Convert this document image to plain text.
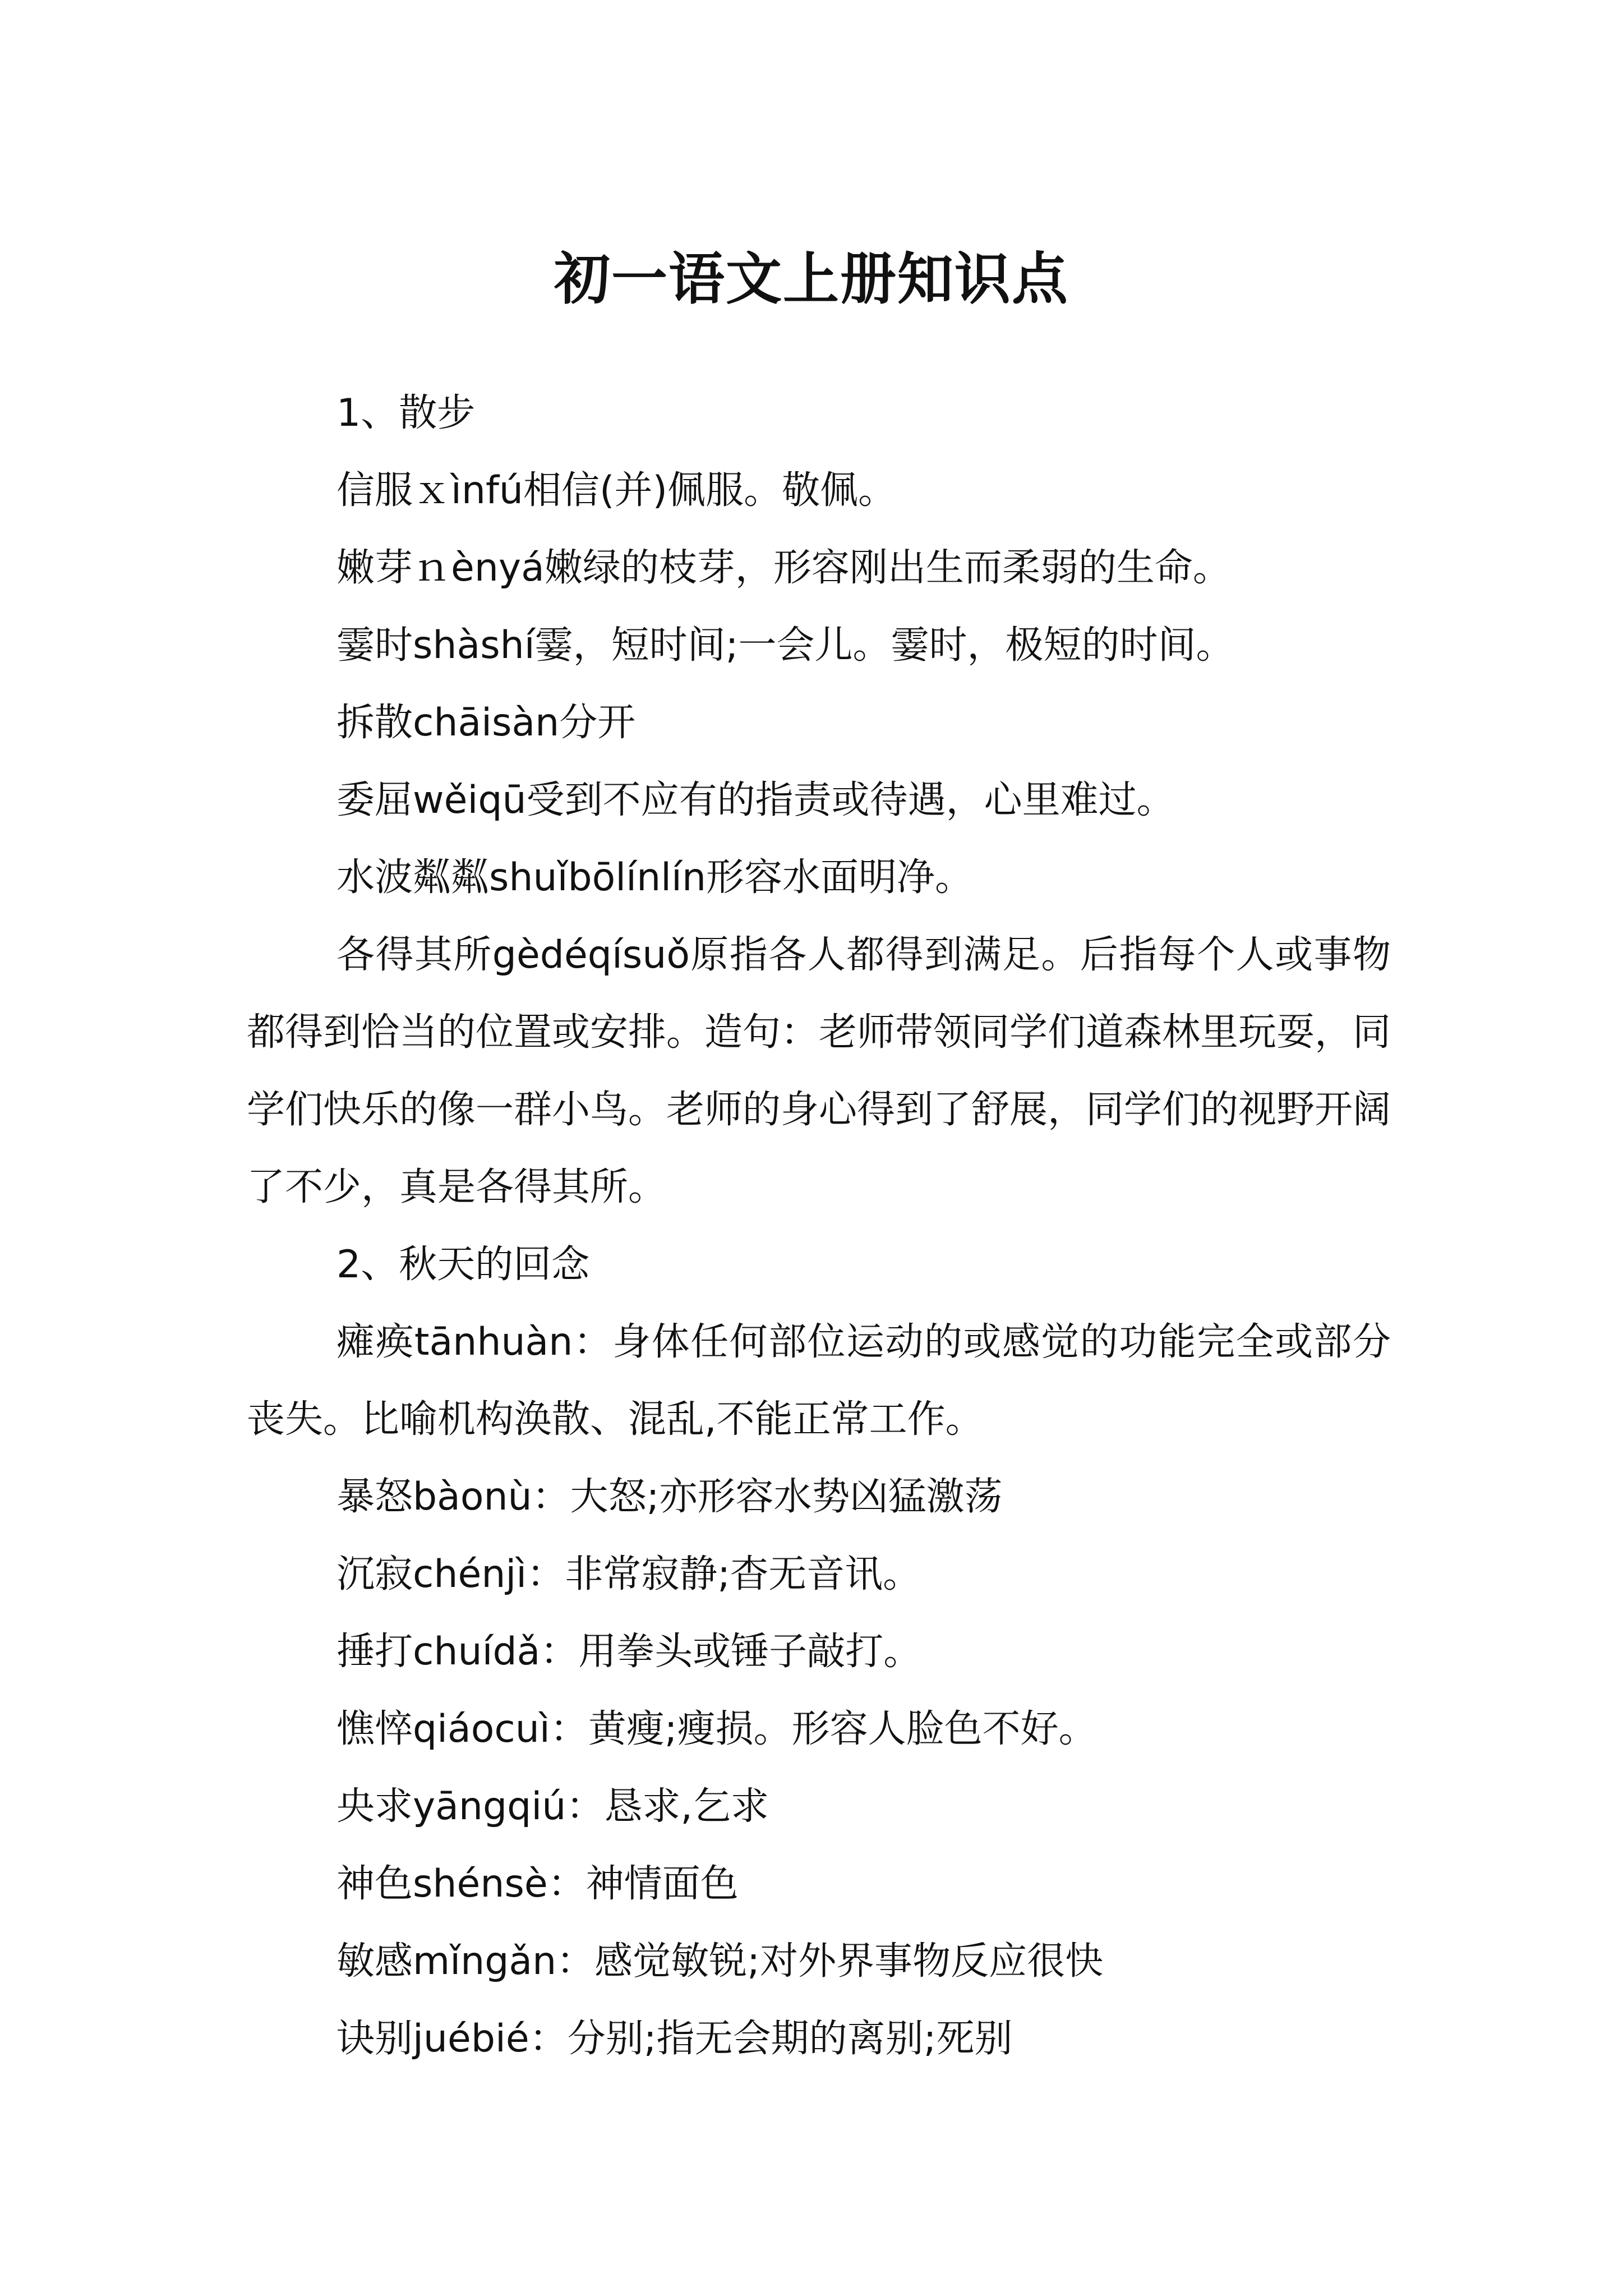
初一语文上册知识点

1、散步

信服ｘìnfú相信(并)佩服。敬佩。

嫩芽ｎènyá嫩绿的枝芽，形容刚出生而柔弱的生命。

霎时shàshí霎，短时间;一会儿。霎时，极短的时间。

拆散chāisàn分开

委屈wěiqū受到不应有的指责或待遇，心里难过。

水波粼粼shuǐbōlínlín形容水面明净。

各得其所gèdéqísuǒ原指各人都得到满足。后指每个人或事物都得到恰当的位置或安排。造句：老师带领同学们道森林里玩耍，同学们快乐的像一群小鸟。老师的身心得到了舒展，同学们的视野开阔了不少，真是各得其所。

2、秋天的回念

瘫痪tānhuàn：身体任何部位运动的或感觉的功能完全或部分丧失。比喻机构涣散、混乱,不能正常工作。

暴怒bàonù：大怒;亦形容水势凶猛激荡

沉寂chénjì：非常寂静;杳无音讯。

捶打chuídǎ：用拳头或锤子敲打。

憔悴qiáocuì：黄瘦;瘦损。形容人脸色不好。

央求yāngqiú：恳求,乞求

神色shénsè：神情面色

敏感mǐngǎn：感觉敏锐;对外界事物反应很快

诀别juébié：分别;指无会期的离别;死别
